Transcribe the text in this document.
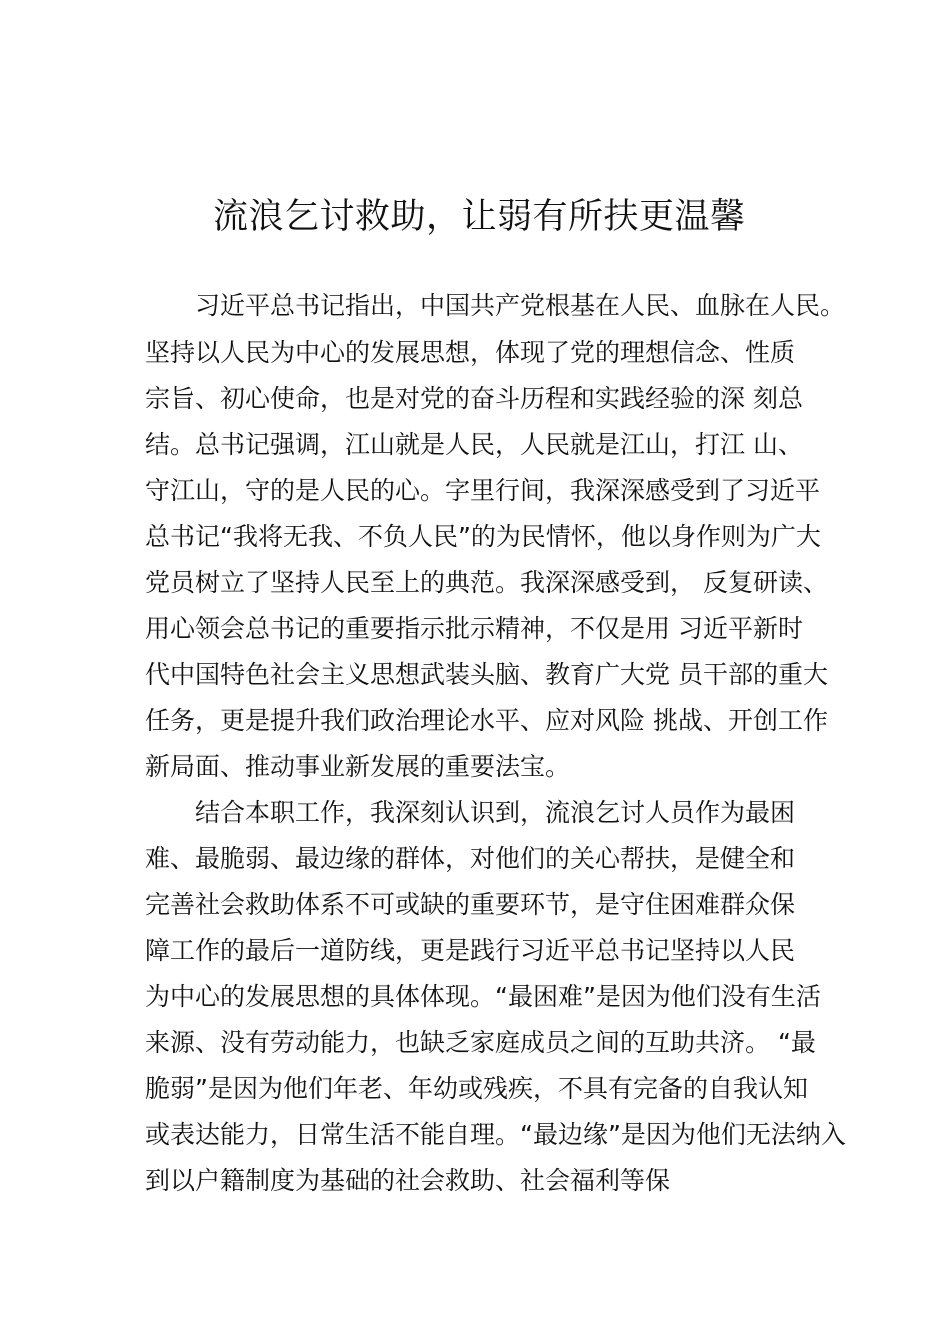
流浪乞讨救助，让弱有所扶更温馨
习近平总书记指出，中国共产党根基在人民、血脉在人民。
坚持以人民为中心的发展思想，体现了党的理想信念、性质
宗旨、初心使命，也是对党的奋斗历程和实践经验的深 刻总
结。总书记强调，江山就是人民，人民就是江山，打江 山、
守江山，守的是人民的心。字里行间，我深深感受到了习近平
总书记“我将无我、不负人民”的为民情怀，他以身作则为广大
党员树立了坚持人民至上的典范。我深深感受到， 反复研读、
用心领会总书记的重要指示批示精神，不仅是用 习近平新时
代中国特色社会主义思想武装头脑、教育广大党 员干部的重大
任务，更是提升我们政治理论水平、应对风险 挑战、开创工作
新局面、推动事业新发展的重要法宝。
结合本职工作，我深刻认识到，流浪乞讨人员作为最困
难、最脆弱、最边缘的群体，对他们的关心帮扶，是健全和
完善社会救助体系不可或缺的重要环节，是守住困难群众保
障工作的最后一道防线，更是践行习近平总书记坚持以人民
为中心的发展思想的具体体现。“最困难”是因为他们没有生活
来源、没有劳动能力，也缺乏家庭成员之间的互助共济。 “最
脆弱”是因为他们年老、年幼或残疾，不具有完备的自我认知
或表达能力，日常生活不能自理。“最边缘”是因为他们无法纳入
到以户籍制度为基础的社会救助、社会福利等保
